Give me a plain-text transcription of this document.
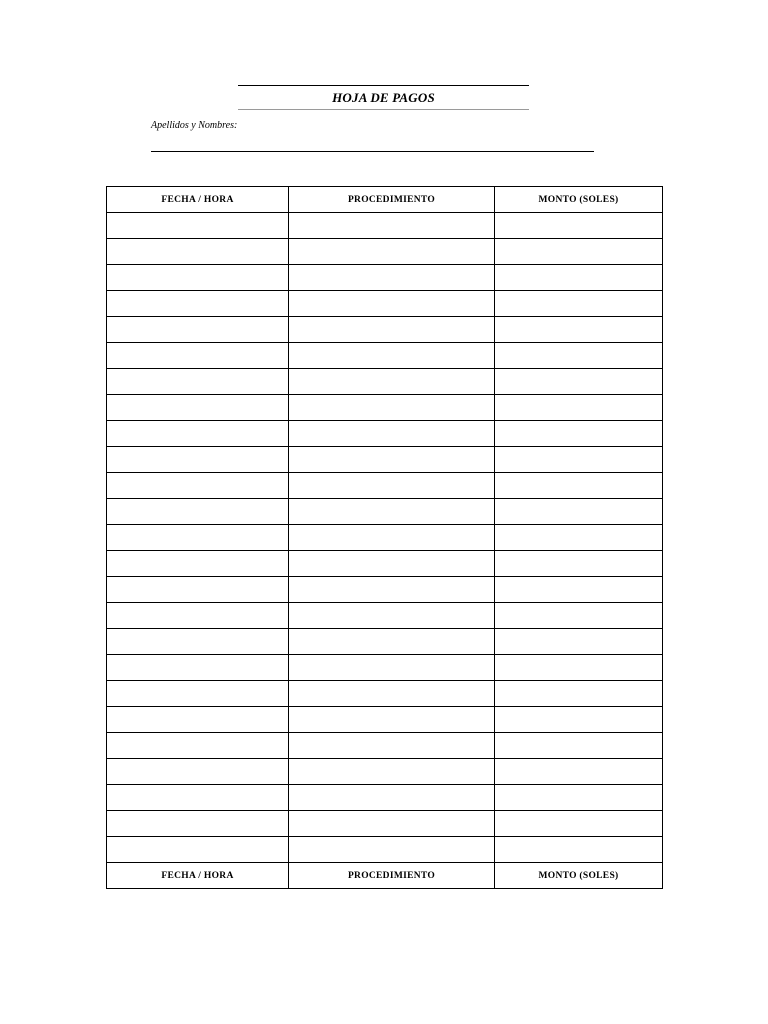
HOJA DE PAGOS
Apellidos y Nombres:
FECHA / HORA	PROCEDIMIENTO	MONTO (SOLES)

FECHA / HORA	PROCEDIMIENTO	MONTO (SOLES)
